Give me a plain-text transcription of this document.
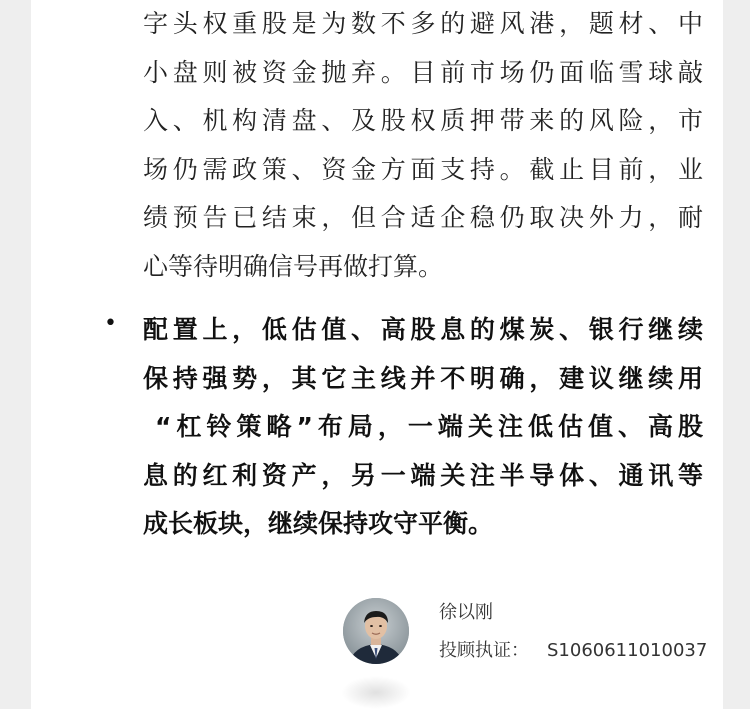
字头权重股是为数不多的避风港，题材、中
小盘则被资金抛弃。目前市场仍面临雪球敲
入、机构清盘、及股权质押带来的风险，市
场仍需政策、资金方面支持。截止目前，业
绩预告已结束，但合适企稳仍取决外力，耐
心等待明确信号再做打算。

• 配置上，低估值、高股息的煤炭、银行继续
保持强势，其它主线并不明确，建议继续用
“杠铃策略”布局，一端关注低估值、高股
息的红利资产，另一端关注半导体、通讯等
成长板块，继续保持攻守平衡。

徐以刚
投顾执证： S1060611010037
